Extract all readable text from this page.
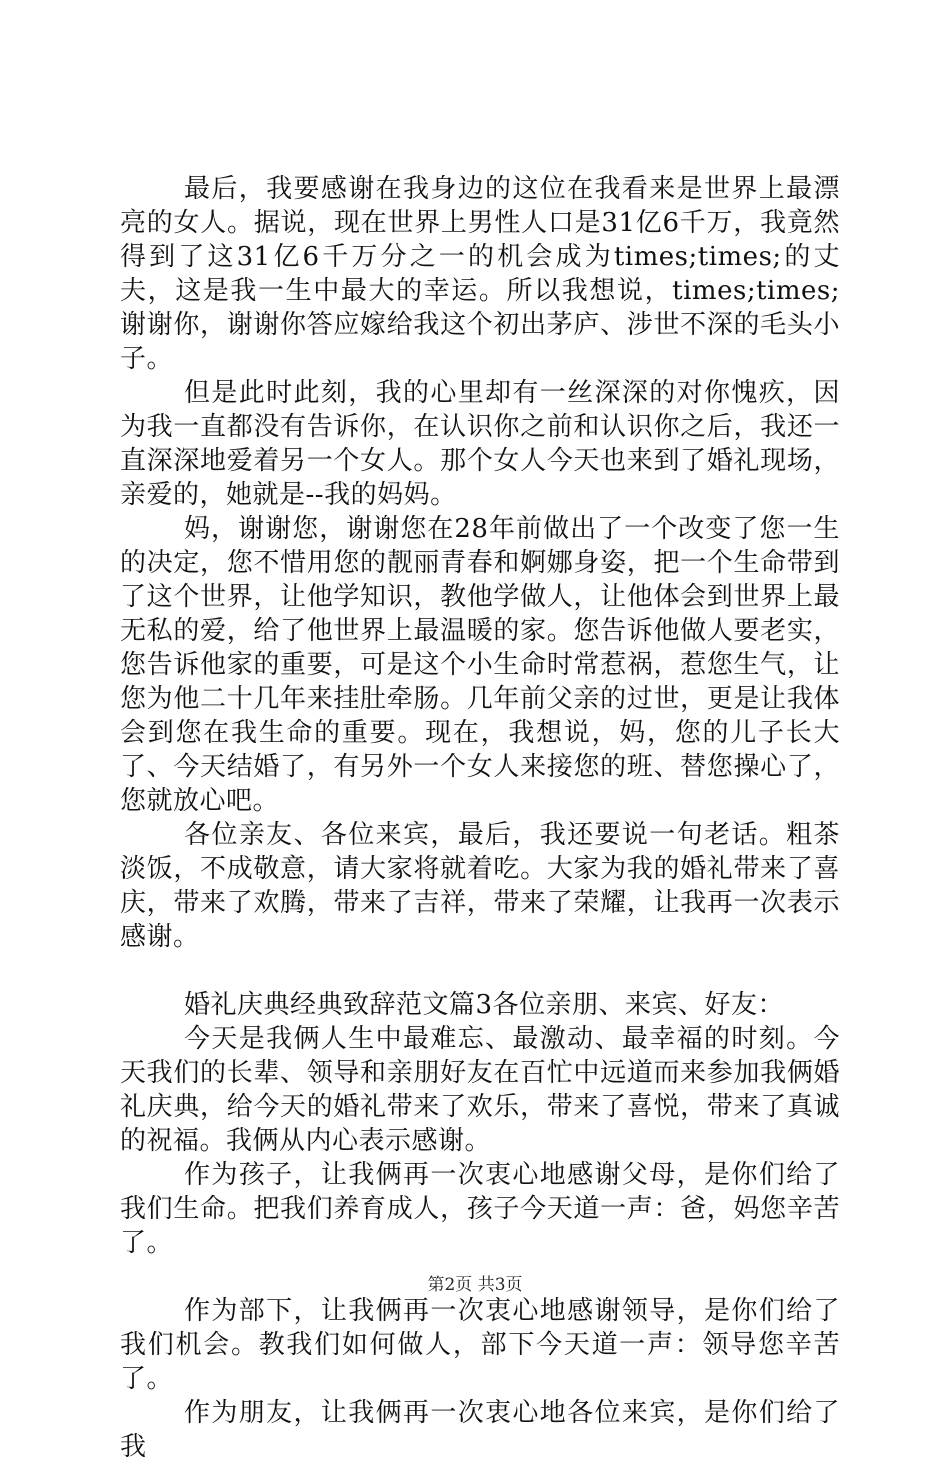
最后，我要感谢在我身边的这位在我看来是世界上最漂亮的女人。据说，现在世界上男性人口是31亿6千万，我竟然得到了这31亿6千万分之一的机会成为times;times;的丈夫，这是我一生中最大的幸运。所以我想说，times;times;谢谢你，谢谢你答应嫁给我这个初出茅庐、涉世不深的毛头小子。

但是此时此刻，我的心里却有一丝深深的对你愧疚，因为我一直都没有告诉你，在认识你之前和认识你之后，我还一直深深地爱着另一个女人。那个女人今天也来到了婚礼现场，亲爱的，她就是--我的妈妈。

妈，谢谢您，谢谢您在28年前做出了一个改变了您一生的决定，您不惜用您的靓丽青春和婀娜身姿，把一个生命带到了这个世界，让他学知识，教他学做人，让他体会到世界上最无私的爱，给了他世界上最温暖的家。您告诉他做人要老实，您告诉他家的重要，可是这个小生命时常惹祸，惹您生气，让您为他二十几年来挂肚牵肠。几年前父亲的过世，更是让我体会到您在我生命的重要。现在，我想说，妈，您的儿子长大了、今天结婚了，有另外一个女人来接您的班、替您操心了，您就放心吧。

各位亲友、各位来宾，最后，我还要说一句老话。粗茶淡饭，不成敬意，请大家将就着吃。大家为我的婚礼带来了喜庆，带来了欢腾，带来了吉祥，带来了荣耀，让我再一次表示感谢。

婚礼庆典经典致辞范文篇3各位亲朋、来宾、好友：

今天是我俩人生中最难忘、最激动、最幸福的时刻。今天我们的长辈、领导和亲朋好友在百忙中远道而来参加我俩婚礼庆典，给今天的婚礼带来了欢乐，带来了喜悦，带来了真诚的祝福。我俩从内心表示感谢。

作为孩子，让我俩再一次衷心地感谢父母，是你们给了我们生命。把我们养育成人，孩子今天道一声：爸，妈您辛苦了。

作为部下，让我俩再一次衷心地感谢领导，是你们给了我们机会。教我们如何做人，部下今天道一声：领导您辛苦了。

作为朋友，让我俩再一次衷心地各位来宾，是你们给了我

第2页 共3页
